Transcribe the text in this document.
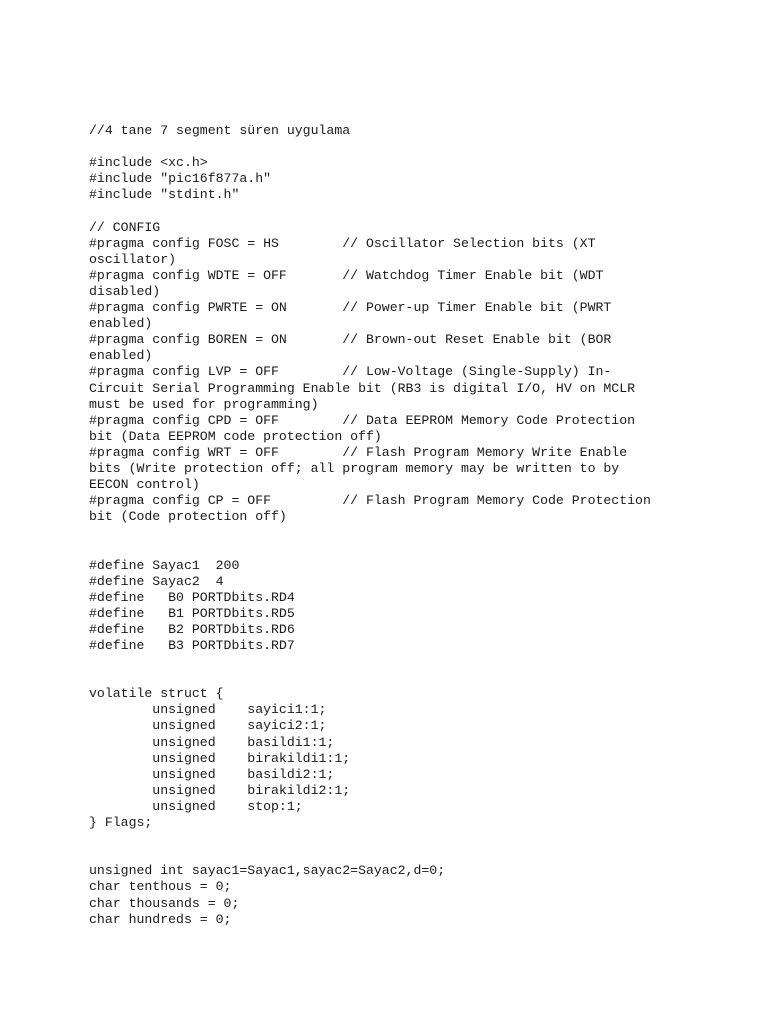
//4 tane 7 segment süren uygulama
#include <xc.h>
#include "pic16f877a.h"
#include "stdint.h"
// CONFIG
#pragma config FOSC = HS        // Oscillator Selection bits (XT
oscillator)
#pragma config WDTE = OFF       // Watchdog Timer Enable bit (WDT
disabled)
#pragma config PWRTE = ON       // Power-up Timer Enable bit (PWRT
enabled)
#pragma config BOREN = ON       // Brown-out Reset Enable bit (BOR
enabled)
#pragma config LVP = OFF        // Low-Voltage (Single-Supply) In-
Circuit Serial Programming Enable bit (RB3 is digital I/O, HV on MCLR
must be used for programming)
#pragma config CPD = OFF        // Data EEPROM Memory Code Protection
bit (Data EEPROM code protection off)
#pragma config WRT = OFF        // Flash Program Memory Write Enable
bits (Write protection off; all program memory may be written to by
EECON control)
#pragma config CP = OFF         // Flash Program Memory Code Protection
bit (Code protection off)
#define Sayac1  200
#define Sayac2  4
#define   B0 PORTDbits.RD4
#define   B1 PORTDbits.RD5
#define   B2 PORTDbits.RD6
#define   B3 PORTDbits.RD7
volatile struct {
unsigned    sayici1:1;
unsigned    sayici2:1;
unsigned    basildi1:1;
unsigned    birakildi1:1;
unsigned    basildi2:1;
unsigned    birakildi2:1;
unsigned    stop:1;
} Flags;
unsigned int sayac1=Sayac1,sayac2=Sayac2,d=0;
char tenthous = 0;
char thousands = 0;
char hundreds = 0;
